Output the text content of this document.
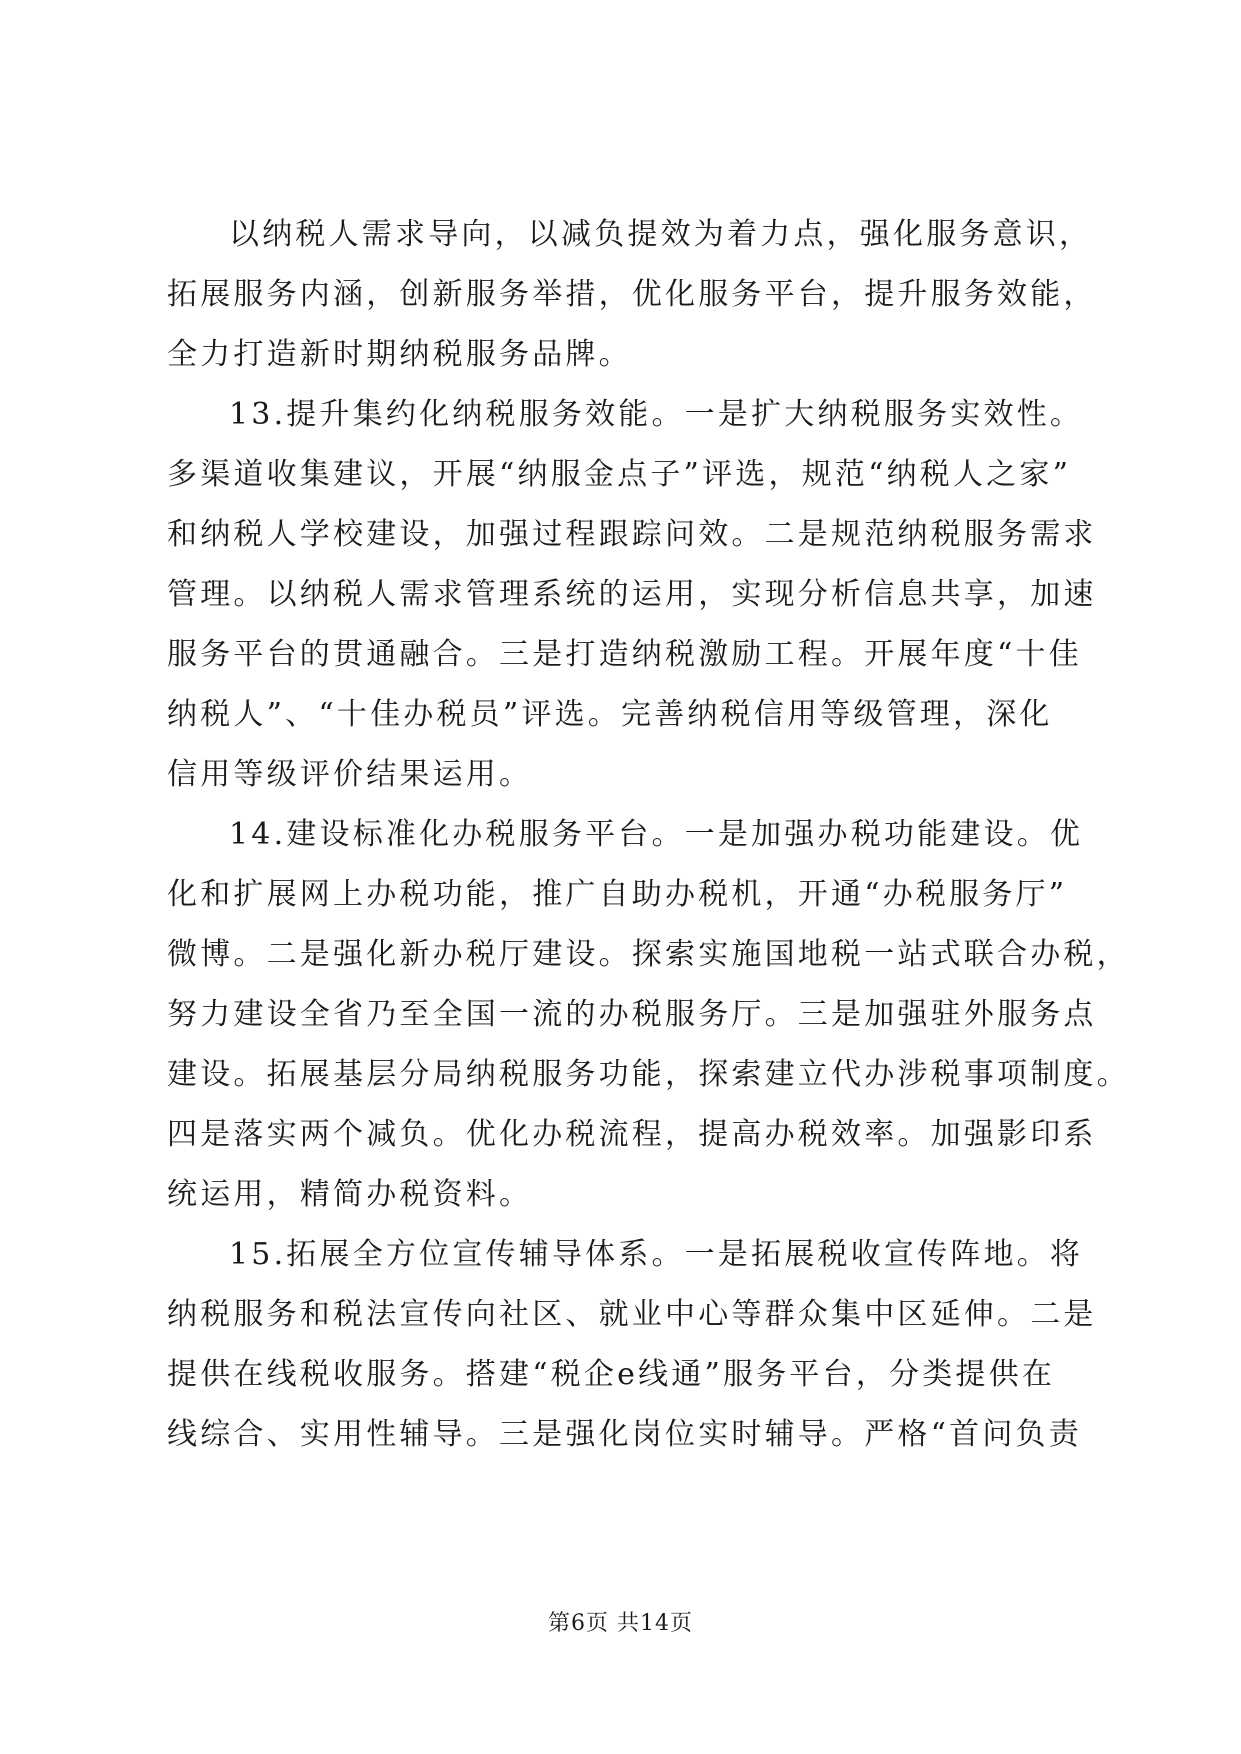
以纳税人需求导向，以减负提效为着力点，强化服务意识，
拓展服务内涵，创新服务举措，优化服务平台，提升服务效能，
全力打造新时期纳税服务品牌。
13.提升集约化纳税服务效能。一是扩大纳税服务实效性。
多渠道收集建议，开展“纳服金点子”评选，规范“纳税人之家”
和纳税人学校建设，加强过程跟踪问效。二是规范纳税服务需求
管理。以纳税人需求管理系统的运用，实现分析信息共享，加速
服务平台的贯通融合。三是打造纳税激励工程。开展年度“十佳
纳税人”、“十佳办税员”评选。完善纳税信用等级管理，深化
信用等级评价结果运用。
14.建设标准化办税服务平台。一是加强办税功能建设。优
化和扩展网上办税功能，推广自助办税机，开通“办税服务厅”
微博。二是强化新办税厅建设。探索实施国地税一站式联合办税，
努力建设全省乃至全国一流的办税服务厅。三是加强驻外服务点
建设。拓展基层分局纳税服务功能，探索建立代办涉税事项制度。
四是落实两个减负。优化办税流程，提高办税效率。加强影印系
统运用，精简办税资料。
15.拓展全方位宣传辅导体系。一是拓展税收宣传阵地。将
纳税服务和税法宣传向社区、就业中心等群众集中区延伸。二是
提供在线税收服务。搭建“税企e线通”服务平台，分类提供在
线综合、实用性辅导。三是强化岗位实时辅导。严格“首问负责
第6页 共14页
